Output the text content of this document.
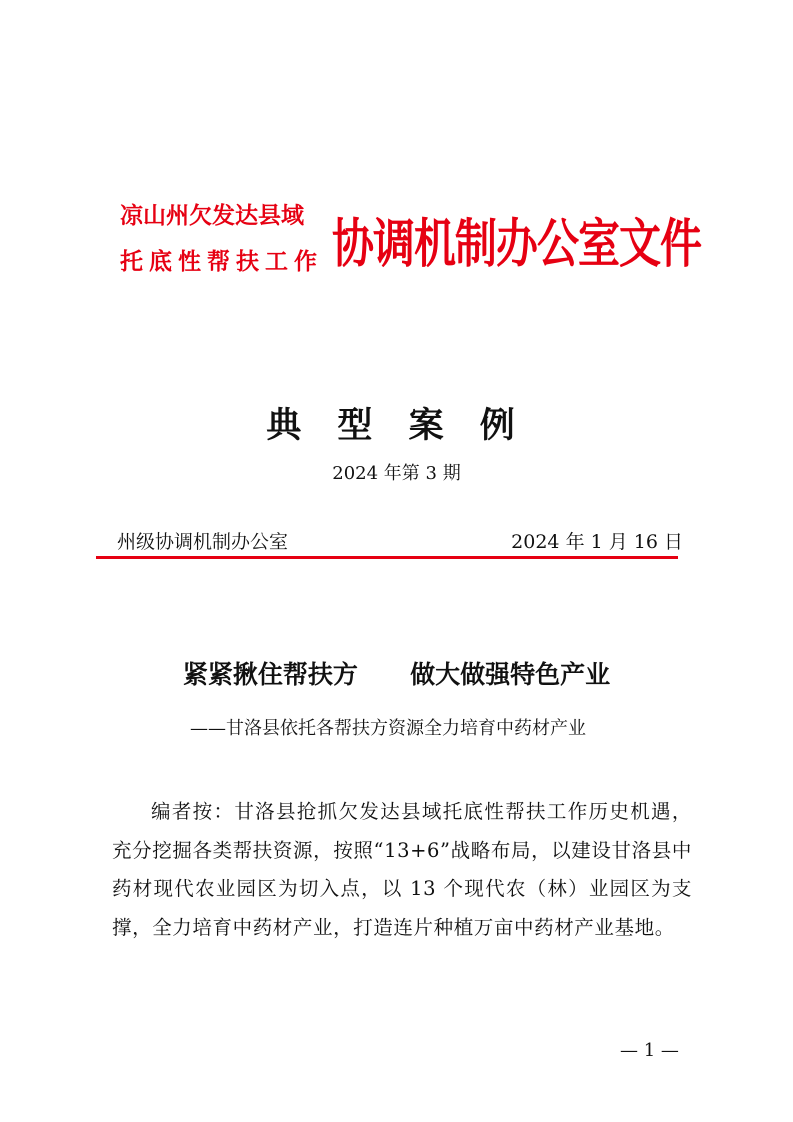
凉山州欠发达县域
托底性帮扶工作 协调机制办公室文件
典 型 案 例
2024 年第 3 期
州级协调机制办公室	2024 年 1 月 16 日
紧紧揪住帮扶方      做大做强特色产业
——甘洛县依托各帮扶方资源全力培育中药材产业

编者按：甘洛县抢抓欠发达县域托底性帮扶工作历史机遇，充分挖掘各类帮扶资源，按照“13+6”战略布局，以建设甘洛县中药材现代农业园区为切入点，以 13 个现代农（林）业园区为支撑，全力培育中药材产业，打造连片种植万亩中药材产业基地。

— 1 —
